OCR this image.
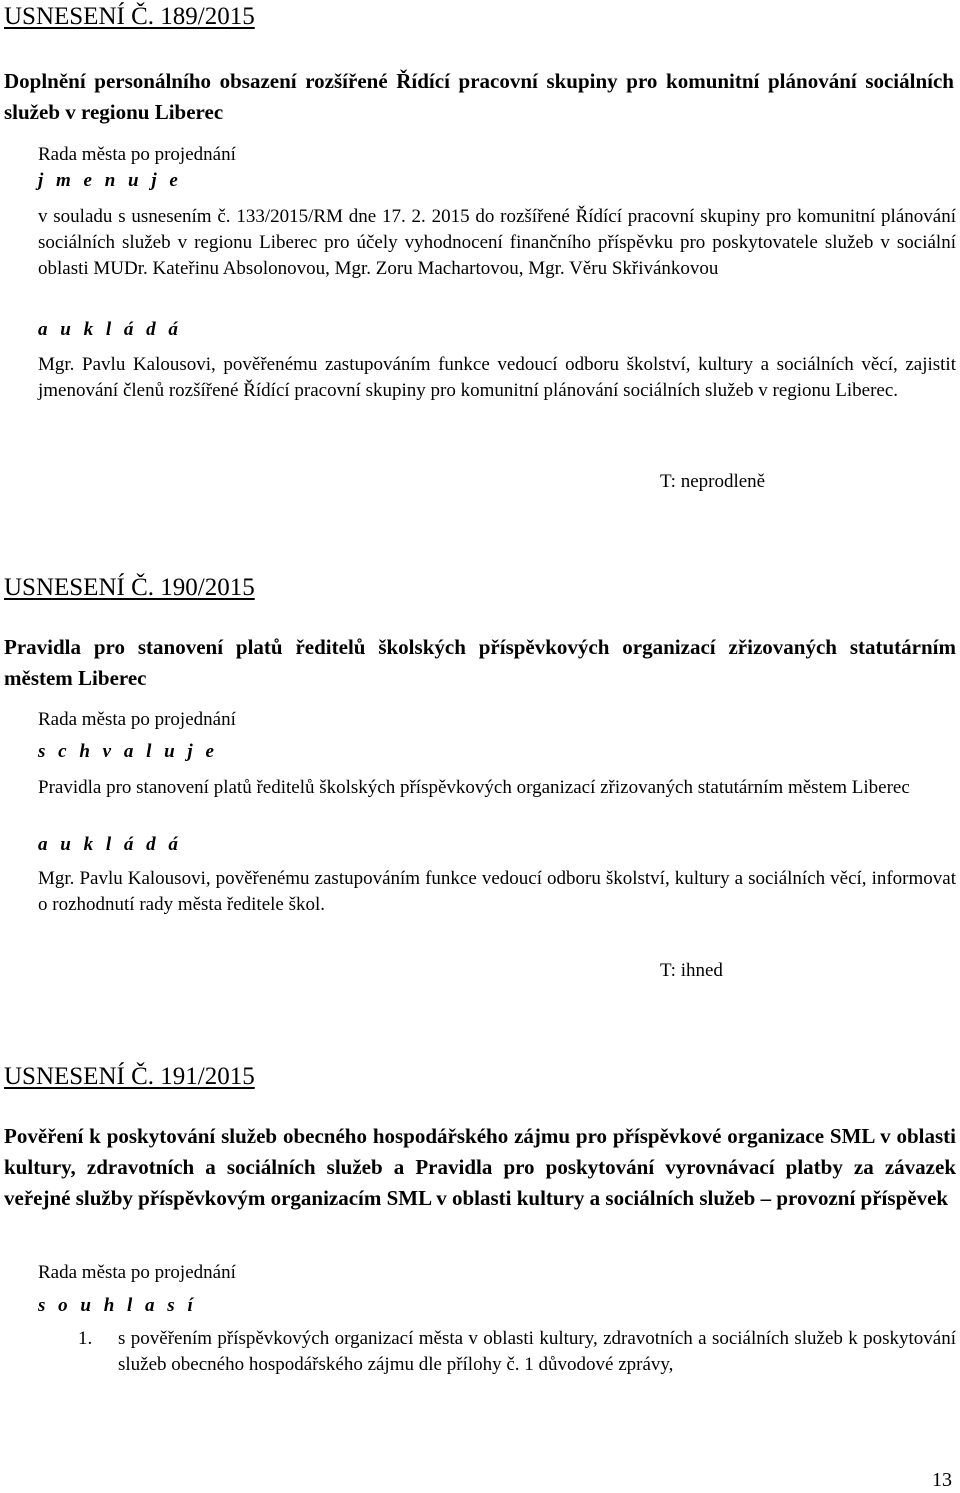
USNESENÍ Č. 189/2015

Doplnění personálního obsazení rozšířené Řídící pracovní skupiny pro komunitní plánování sociálních služeb v regionu Liberec

Rada města po projednání

j m e n u j e

v souladu s usnesením č. 133/2015/RM dne 17. 2. 2015 do rozšířené Řídící pracovní skupiny pro komunitní plánování sociálních služeb v regionu Liberec pro účely vyhodnocení finančního příspěvku pro poskytovatele služeb v sociální oblasti MUDr. Kateřinu Absolonovou, Mgr. Zoru Machartovou, Mgr. Věru Skřivánkovou

a u k l á d á

Mgr. Pavlu Kalousovi, pověřenému zastupováním funkce vedoucí odboru školství, kultury a sociálních věcí, zajistit jmenování členů rozšířené Řídící pracovní skupiny pro komunitní plánování sociálních služeb v regionu Liberec.

T: neprodleně

USNESENÍ Č. 190/2015

Pravidla pro stanovení platů ředitelů školských příspěvkových organizací zřizovaných statutárním městem Liberec

Rada města po projednání

s c h v a l u j e

Pravidla pro stanovení platů ředitelů školských příspěvkových organizací zřizovaných statutárním městem Liberec

a u k l á d á

Mgr. Pavlu Kalousovi, pověřenému zastupováním funkce vedoucí odboru školství, kultury a sociálních věcí, informovat o rozhodnutí rady města ředitele škol.

T: ihned

USNESENÍ Č. 191/2015

Pověření k poskytování služeb obecného hospodářského zájmu pro příspěvkové organizace SML v oblasti kultury, zdravotních a sociálních služeb a Pravidla pro poskytování vyrovnávací platby za závazek veřejné služby příspěvkovým organizacím SML v oblasti kultury a sociálních služeb – provozní příspěvek

Rada města po projednání

s o u h l a s í

1. s pověřením příspěvkových organizací města v oblasti kultury, zdravotních a sociálních služeb k poskytování služeb obecného hospodářského zájmu dle přílohy č. 1 důvodové zprávy,
13
